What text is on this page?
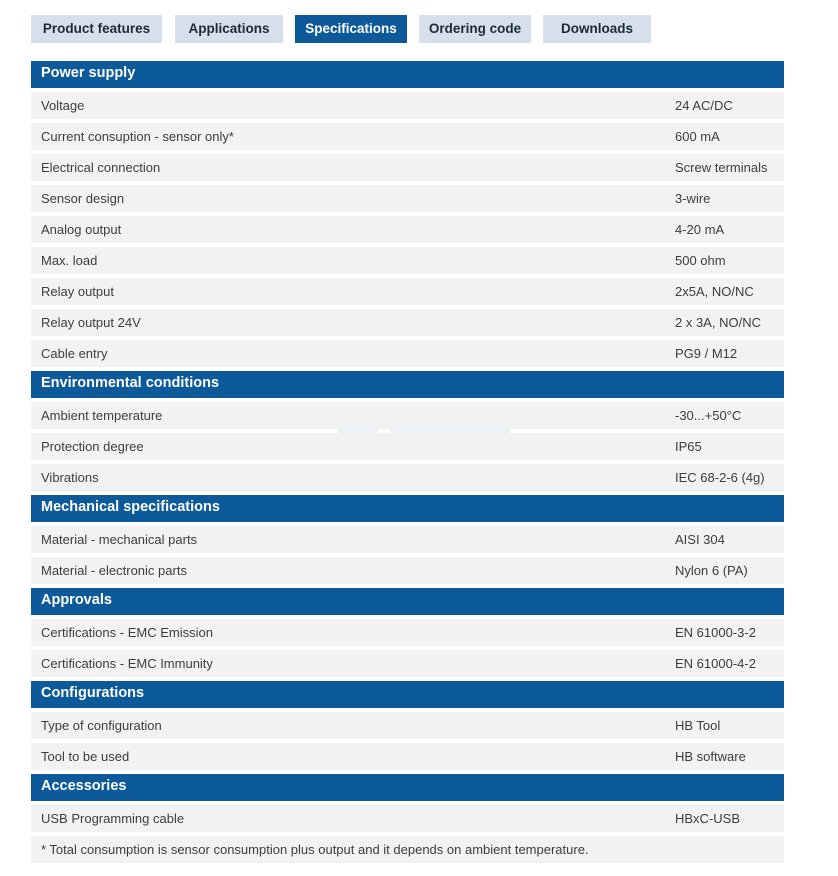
Product features	Applications	Specifications	Ordering code	Downloads
Power supply
Voltage	24 AC/DC
Current consuption - sensor only*	600 mA
Electrical connection	Screw terminals
Sensor design	3-wire
Analog output	4-20 mA
Max. load	500 ohm
Relay output	2x5A, NO/NC
Relay output 24V	2 x 3A, NO/NC
Cable entry	PG9 / M12
Environmental conditions
Ambient temperature	-30...+50°C
Protection degree	IP65
Vibrations	IEC 68-2-6 (4g)
Mechanical specifications
Material - mechanical parts	AISI 304
Material - electronic parts	Nylon 6 (PA)
Approvals
Certifications - EMC Emission	EN 61000-3-2
Certifications - EMC Immunity	EN 61000-4-2
Configurations
Type of configuration	HB Tool
Tool to be used	HB software
Accessories
USB Programming cable	HBxC-USB
* Total consumption is sensor consumption plus output and it depends on ambient temperature.
